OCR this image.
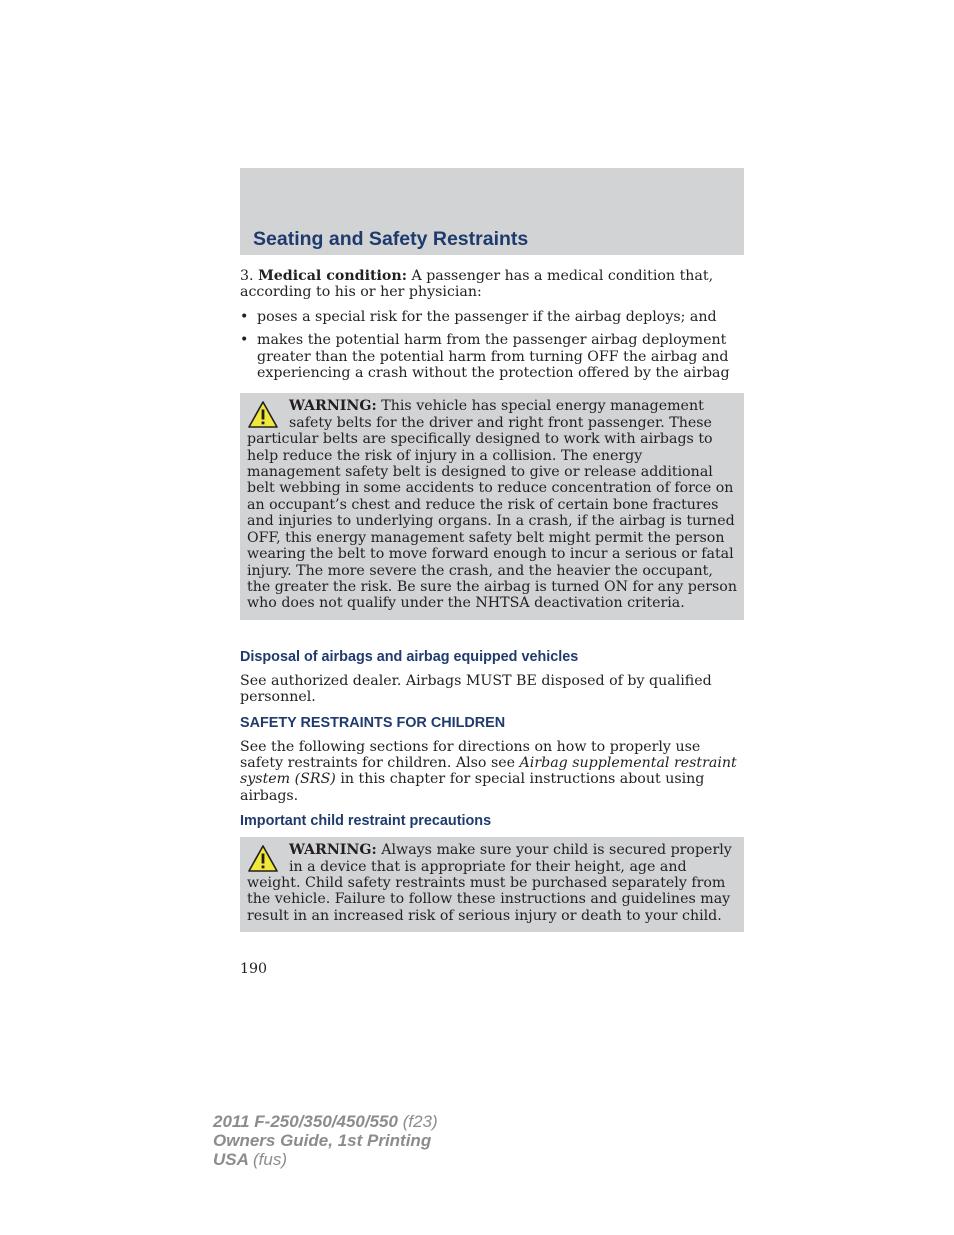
Seating and Safety Restraints

3. Medical condition: A passenger has a medical condition that, according to his or her physician:

• poses a special risk for the passenger if the airbag deploys; and
• makes the potential harm from the passenger airbag deployment greater than the potential harm from turning OFF the airbag and experiencing a crash without the protection offered by the airbag
WARNING: This vehicle has special energy management safety belts for the driver and right front passenger. These particular belts are specifically designed to work with airbags to help reduce the risk of injury in a collision. The energy management safety belt is designed to give or release additional belt webbing in some accidents to reduce concentration of force on an occupant’s chest and reduce the risk of certain bone fractures and injuries to underlying organs. In a crash, if the airbag is turned OFF, this energy management safety belt might permit the person wearing the belt to move forward enough to incur a serious or fatal injury. The more severe the crash, and the heavier the occupant, the greater the risk. Be sure the airbag is turned ON for any person who does not qualify under the NHTSA deactivation criteria.
Disposal of airbags and airbag equipped vehicles

See authorized dealer. Airbags MUST BE disposed of by qualified personnel.

SAFETY RESTRAINTS FOR CHILDREN

See the following sections for directions on how to properly use safety restraints for children. Also see Airbag supplemental restraint system (SRS) in this chapter for special instructions about using airbags.

Important child restraint precautions
WARNING: Always make sure your child is secured properly in a device that is appropriate for their height, age and weight. Child safety restraints must be purchased separately from the vehicle. Failure to follow these instructions and guidelines may result in an increased risk of serious injury or death to your child.
190
2011 F-250/350/450/550 (f23)
Owners Guide, 1st Printing
USA (fus)
